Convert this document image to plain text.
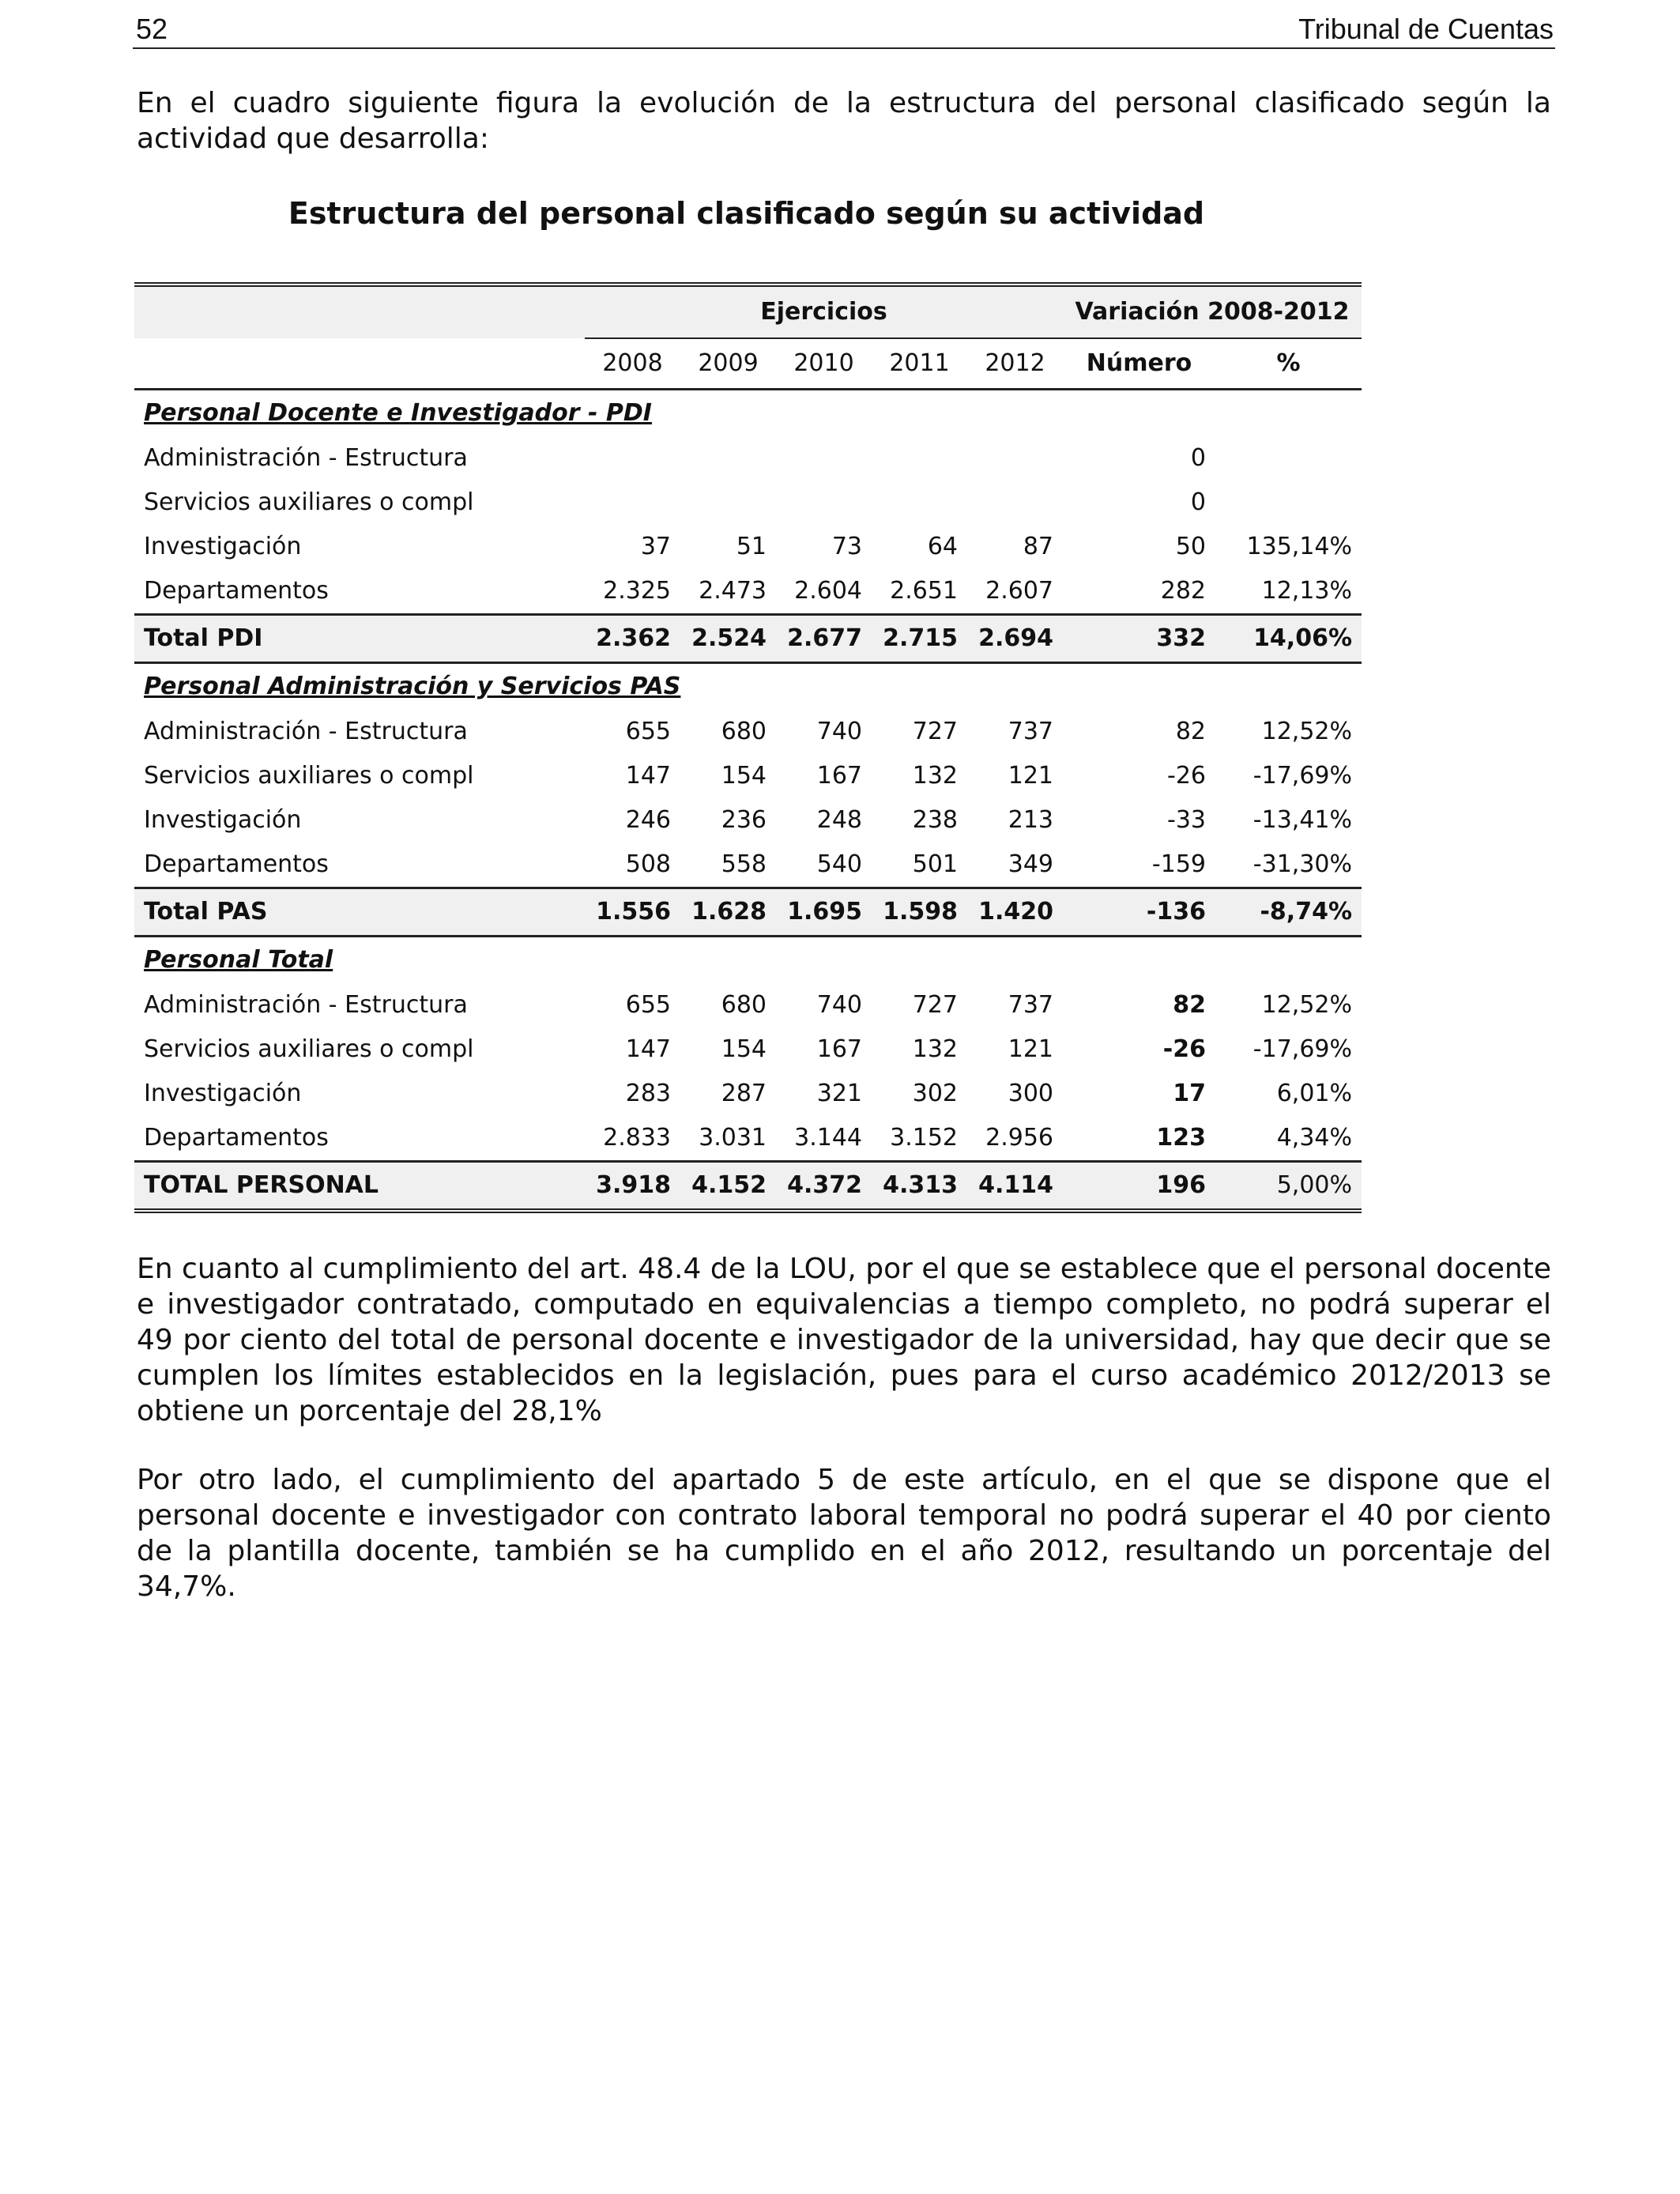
52	Tribunal de Cuentas

En el cuadro siguiente figura la evolución de la estructura del personal clasificado según la actividad que desarrolla:

Estructura del personal clasificado según su actividad

	Ejercicios					Variación 2008-2012	
	2008	2009	2010	2011	2012	Número	%
Personal Docente e Investigador - PDI							
Administración - Estructura						0	
Servicios auxiliares o compl						0	
Investigación	37	51	73	64	87	50	135,14%
Departamentos	2.325	2.473	2.604	2.651	2.607	282	12,13%
Total PDI	2.362	2.524	2.677	2.715	2.694	332	14,06%
Personal Administración y Servicios PAS							
Administración - Estructura	655	680	740	727	737	82	12,52%
Servicios auxiliares o compl	147	154	167	132	121	-26	-17,69%
Investigación	246	236	248	238	213	-33	-13,41%
Departamentos	508	558	540	501	349	-159	-31,30%
Total PAS	1.556	1.628	1.695	1.598	1.420	-136	-8,74%
Personal Total							
Administración - Estructura	655	680	740	727	737	82	12,52%
Servicios auxiliares o compl	147	154	167	132	121	-26	-17,69%
Investigación	283	287	321	302	300	17	6,01%
Departamentos	2.833	3.031	3.144	3.152	2.956	123	4,34%
TOTAL PERSONAL	3.918	4.152	4.372	4.313	4.114	196	5,00%

En cuanto al cumplimiento del art. 48.4 de la LOU, por el que se establece que el personal docente e investigador contratado, computado en equivalencias a tiempo completo, no podrá superar el 49 por ciento del total de personal docente e investigador de la universidad, hay que decir que se cumplen los límites establecidos en la legislación, pues para el curso académico 2012/2013 se obtiene un porcentaje del 28,1%

Por otro lado, el cumplimiento del apartado 5 de este artículo, en el que se dispone que el personal docente e investigador con contrato laboral temporal no podrá superar el 40 por ciento de la plantilla docente, también se ha cumplido en el año 2012, resultando un porcentaje del 34,7%.
